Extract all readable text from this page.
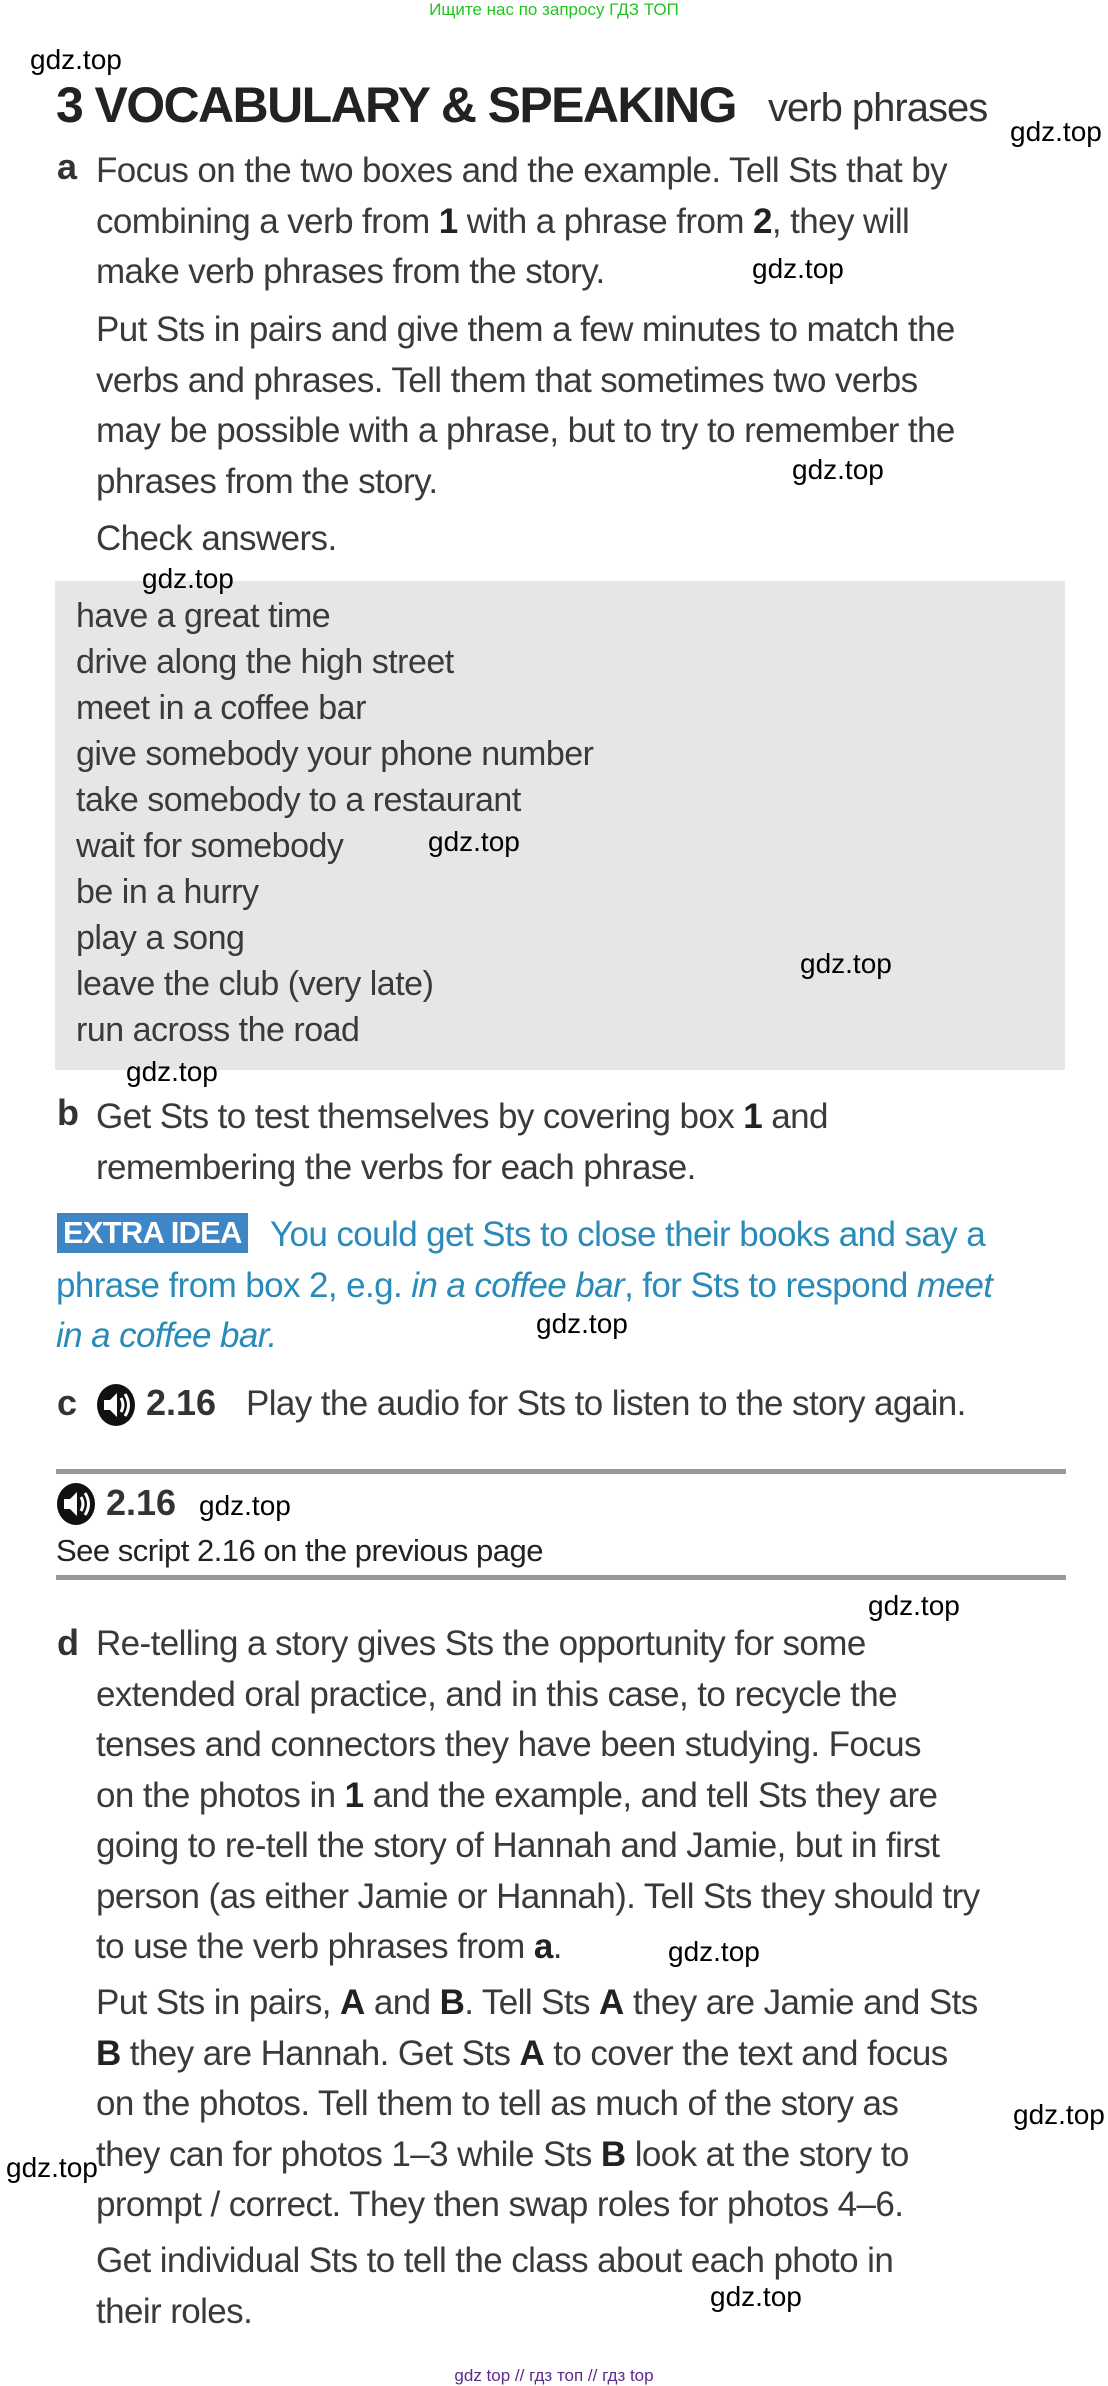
Ищите нас по запросу ГДЗ ТОП
3 VOCABULARY & SPEAKING verb phrases
a Focus on the two boxes and the example. Tell Sts that by
combining a verb from 1 with a phrase from 2, they will
make verb phrases from the story.
Put Sts in pairs and give them a few minutes to match the
verbs and phrases. Tell them that sometimes two verbs
may be possible with a phrase, but to try to remember the
phrases from the story.
Check answers.
have a great time
drive along the high street
meet in a coffee bar
give somebody your phone number
take somebody to a restaurant
wait for somebody
be in a hurry
play a song
leave the club (very late)
run across the road
b Get Sts to test themselves by covering box 1 and
remembering the verbs for each phrase.
EXTRA IDEA You could get Sts to close their books and say a
phrase from box 2, e.g. in a coffee bar, for Sts to respond meet
in a coffee bar.
c 2.16 Play the audio for Sts to listen to the story again.
2.16
See script 2.16 on the previous page
d Re-telling a story gives Sts the opportunity for some
extended oral practice, and in this case, to recycle the
tenses and connectors they have been studying. Focus
on the photos in 1 and the example, and tell Sts they are
going to re-tell the story of Hannah and Jamie, but in first
person (as either Jamie or Hannah). Tell Sts they should try
to use the verb phrases from a.
Put Sts in pairs, A and B. Tell Sts A they are Jamie and Sts
B they are Hannah. Get Sts A to cover the text and focus
on the photos. Tell them to tell as much of the story as
they can for photos 1–3 while Sts B look at the story to
prompt / correct. They then swap roles for photos 4–6.
Get individual Sts to tell the class about each photo in
their roles.
gdz.top
gdz.top
gdz.top
gdz.top
gdz.top
gdz.top
gdz.top
gdz.top
gdz.top
gdz.top
gdz.top
gdz.top
gdz.top
gdz.top
gdz.top
gdz top // гдз топ // гдз top
